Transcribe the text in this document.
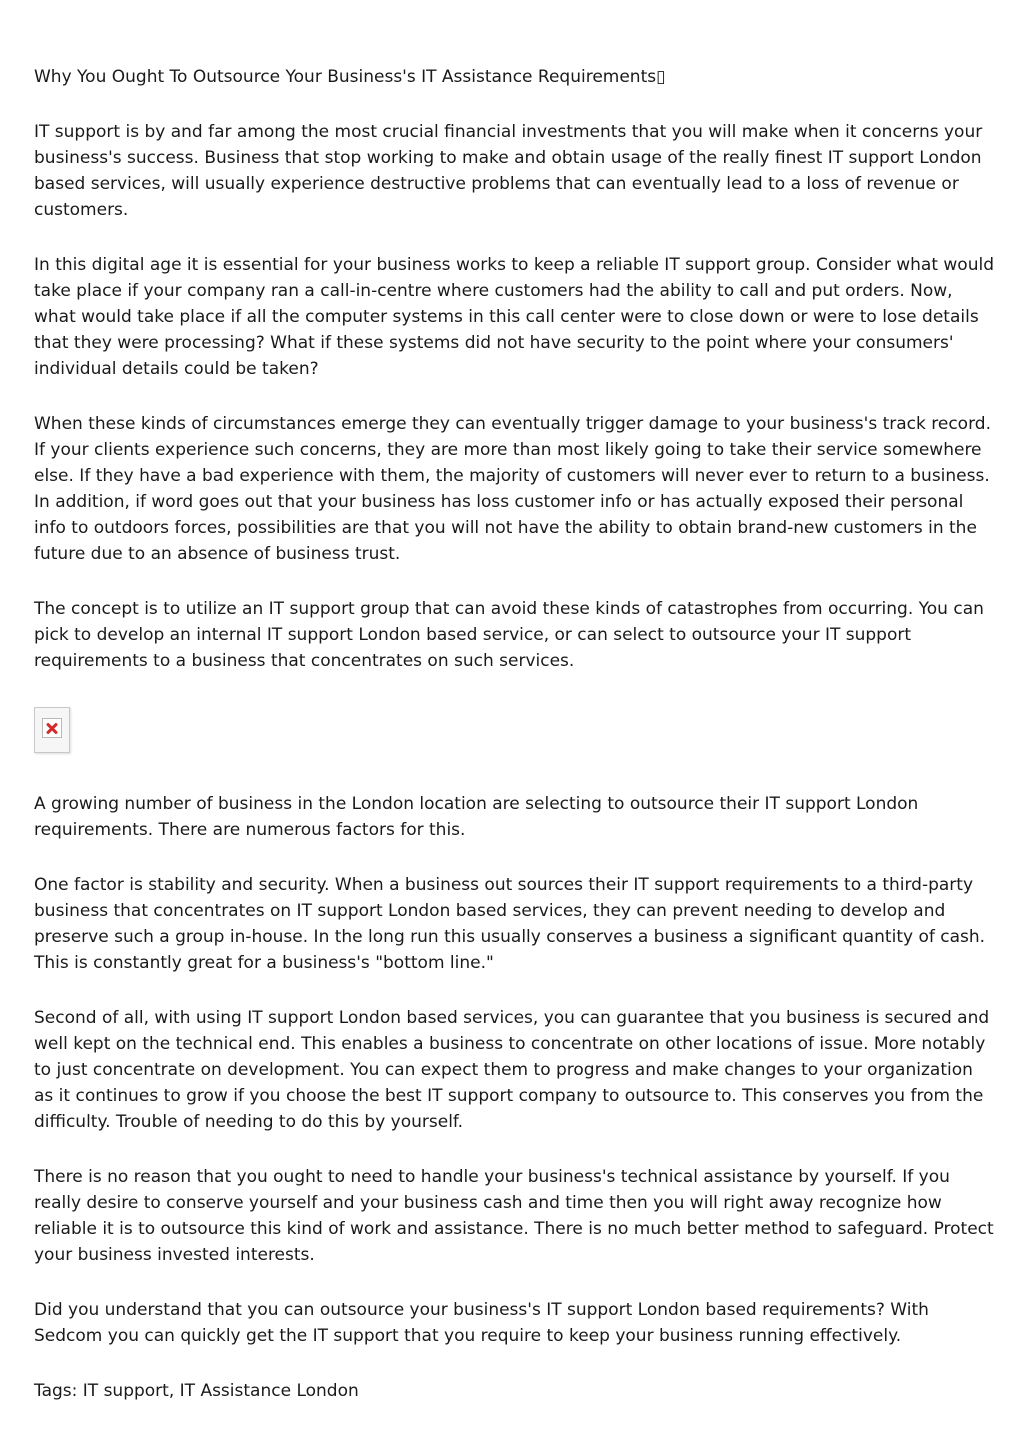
Why You Ought To Outsource Your Business's IT Assistance Requirements▯

IT support is by and far among the most crucial financial investments that you will make when it concerns your business's success. Business that stop working to make and obtain usage of the really finest IT support London based services, will usually experience destructive problems that can eventually lead to a loss of revenue or customers.

In this digital age it is essential for your business works to keep a reliable IT support group. Consider what would take place if your company ran a call-in-centre where customers had the ability to call and put orders. Now, what would take place if all the computer systems in this call center were to close down or were to lose details that they were processing? What if these systems did not have security to the point where your consumers' individual details could be taken?

When these kinds of circumstances emerge they can eventually trigger damage to your business's track record. If your clients experience such concerns, they are more than most likely going to take their service somewhere else. If they have a bad experience with them, the majority of customers will never ever to return to a business. In addition, if word goes out that your business has loss customer info or has actually exposed their personal info to outdoors forces, possibilities are that you will not have the ability to obtain brand-new customers in the future due to an absence of business trust.

The concept is to utilize an IT support group that can avoid these kinds of catastrophes from occurring. You can pick to develop an internal IT support London based service, or can select to outsource your IT support requirements to a business that concentrates on such services.

A growing number of business in the London location are selecting to outsource their IT support London requirements. There are numerous factors for this.

One factor is stability and security. When a business out sources their IT support requirements to a third-party business that concentrates on IT support London based services, they can prevent needing to develop and preserve such a group in-house. In the long run this usually conserves a business a significant quantity of cash. This is constantly great for a business's "bottom line."

Second of all, with using IT support London based services, you can guarantee that you business is secured and well kept on the technical end. This enables a business to concentrate on other locations of issue. More notably to just concentrate on development. You can expect them to progress and make changes to your organization as it continues to grow if you choose the best IT support company to outsource to. This conserves you from the difficulty. Trouble of needing to do this by yourself.

There is no reason that you ought to need to handle your business's technical assistance by yourself. If you really desire to conserve yourself and your business cash and time then you will right away recognize how reliable it is to outsource this kind of work and assistance. There is no much better method to safeguard. Protect your business invested interests.

Did you understand that you can outsource your business's IT support London based requirements? With Sedcom you can quickly get the IT support that you require to keep your business running effectively.

Tags: IT support, IT Assistance London
